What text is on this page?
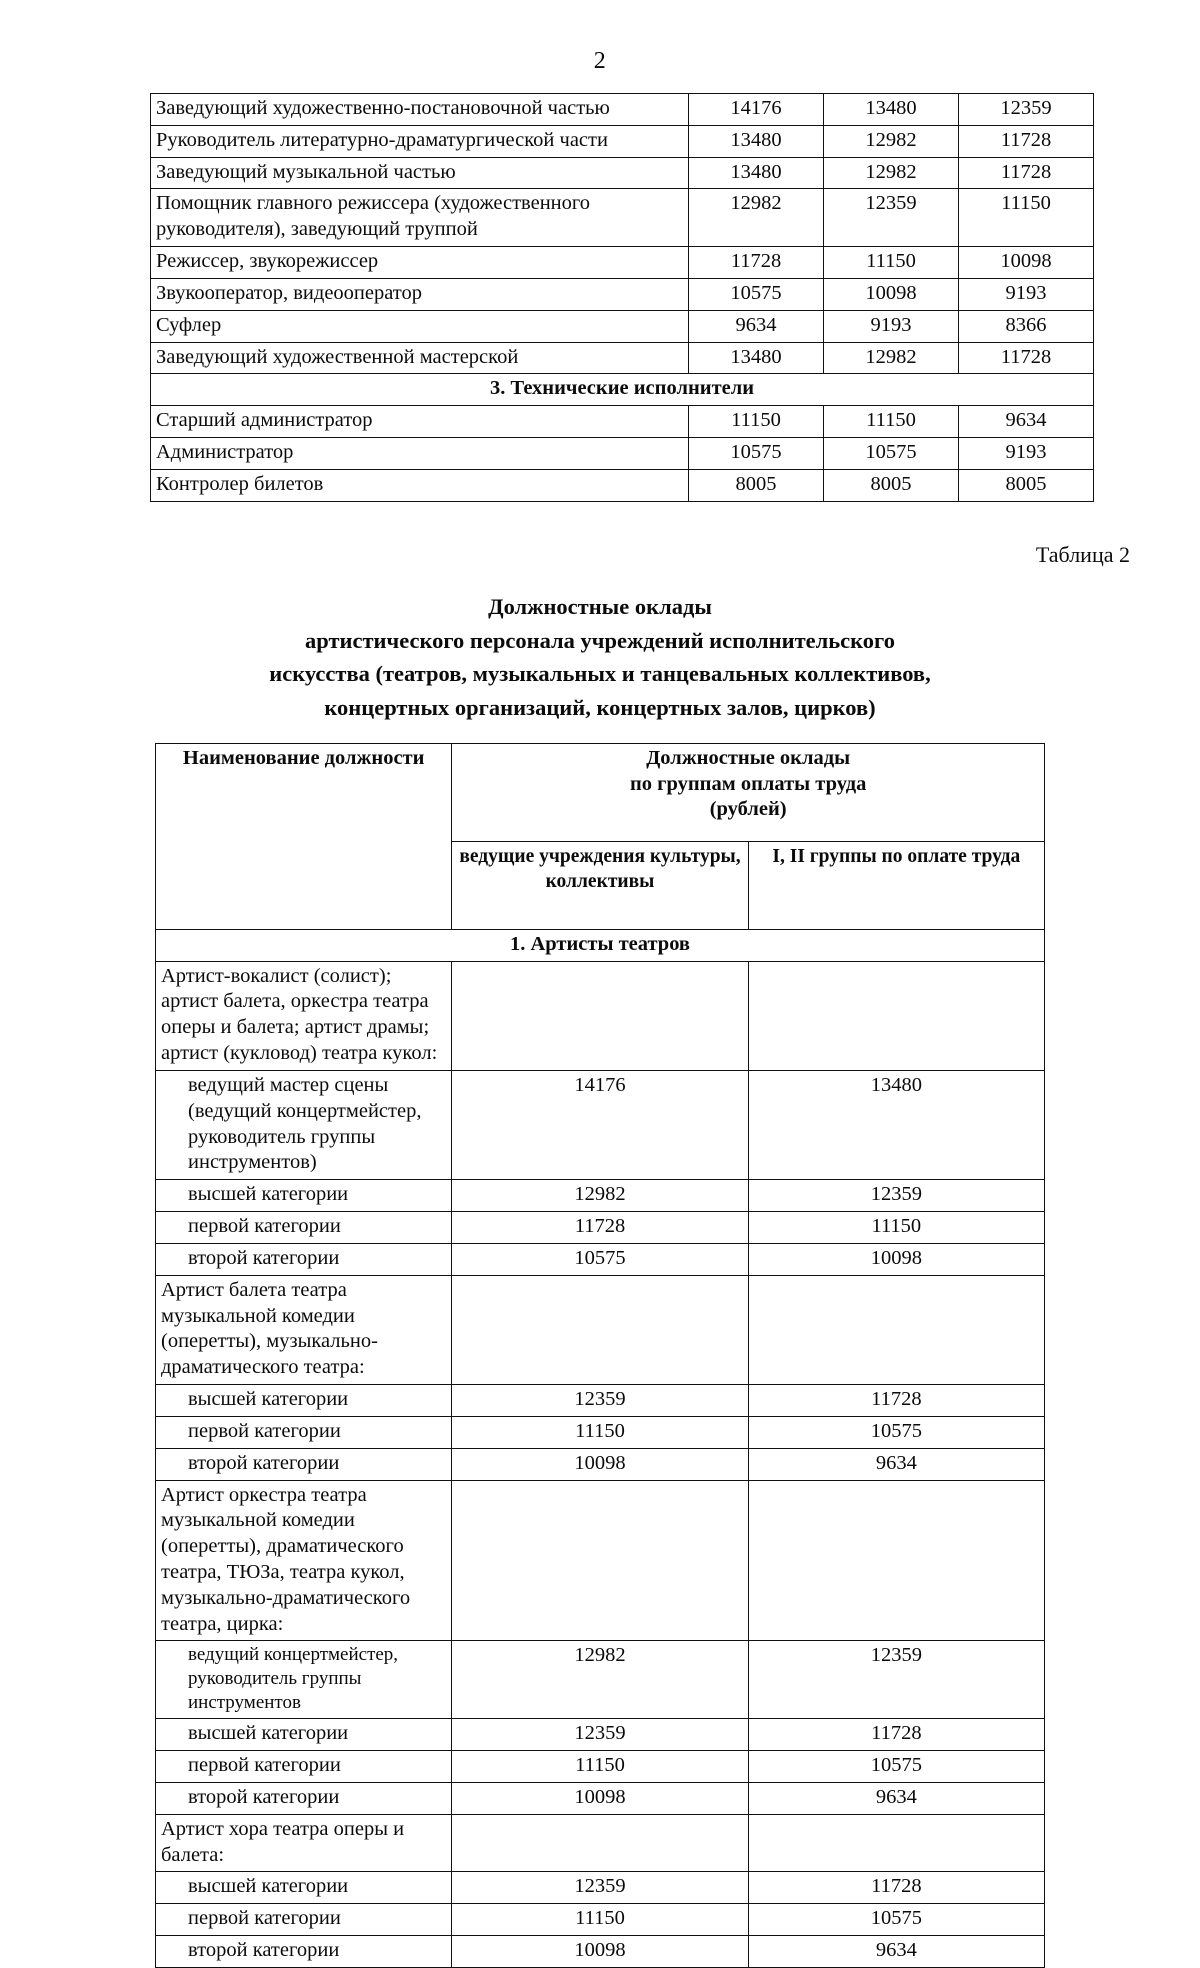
2
Заведующий художественно-постановочной частью	14176	13480	12359
Руководитель литературно-драматургической части	13480	12982	11728
Заведующий музыкальной частью	13480	12982	11728
Помощник главного режиссера (художественного руководителя), заведующий труппой	12982	12359	11150
Режиссер, звукорежиссер	11728	11150	10098
Звукооператор, видеооператор	10575	10098	9193
Суфлер	9634	9193	8366
Заведующий художественной мастерской	13480	12982	11728
3. Технические исполнители			
Старший администратор	11150	11150	9634
Администратор	10575	10575	9193
Контролер билетов	8005	8005	8005
Таблица 2
Должностные оклады
артистического персонала учреждений исполнительского
искусства (театров, музыкальных и танцевальных коллективов,
концертных организаций, концертных залов, цирков)
Наименование должности	Должностные оклады
по группам оплаты труда
(рублей)	

	ведущие учреждения культуры, коллективы	I, II группы по оплате труда
1. Артисты театров		
Артист-вокалист (солист); артист балета, оркестра театра оперы и балета; артист драмы; артист (кукловод) театра кукол:		
ведущий мастер сцены (ведущий концертмейстер, руководитель группы инструментов)	14176	13480
высшей категории	12982	12359
первой категории	11728	11150
второй категории	10575	10098
Артист балета театра музыкальной комедии (оперетты), музыкально-драматического театра:		
высшей категории	12359	11728
первой категории	11150	10575
второй категории	10098	9634
Артист оркестра театра музыкальной комедии (оперетты), драматического театра, ТЮЗа, театра кукол, музыкально-драматического театра, цирка:		
ведущий концертмейстер, руководитель группы инструментов	12982	12359
высшей категории	12359	11728
первой категории	11150	10575
второй категории	10098	9634
Артист хора театра оперы и балета:		
высшей категории	12359	11728
первой категории	11150	10575
второй категории	10098	9634
